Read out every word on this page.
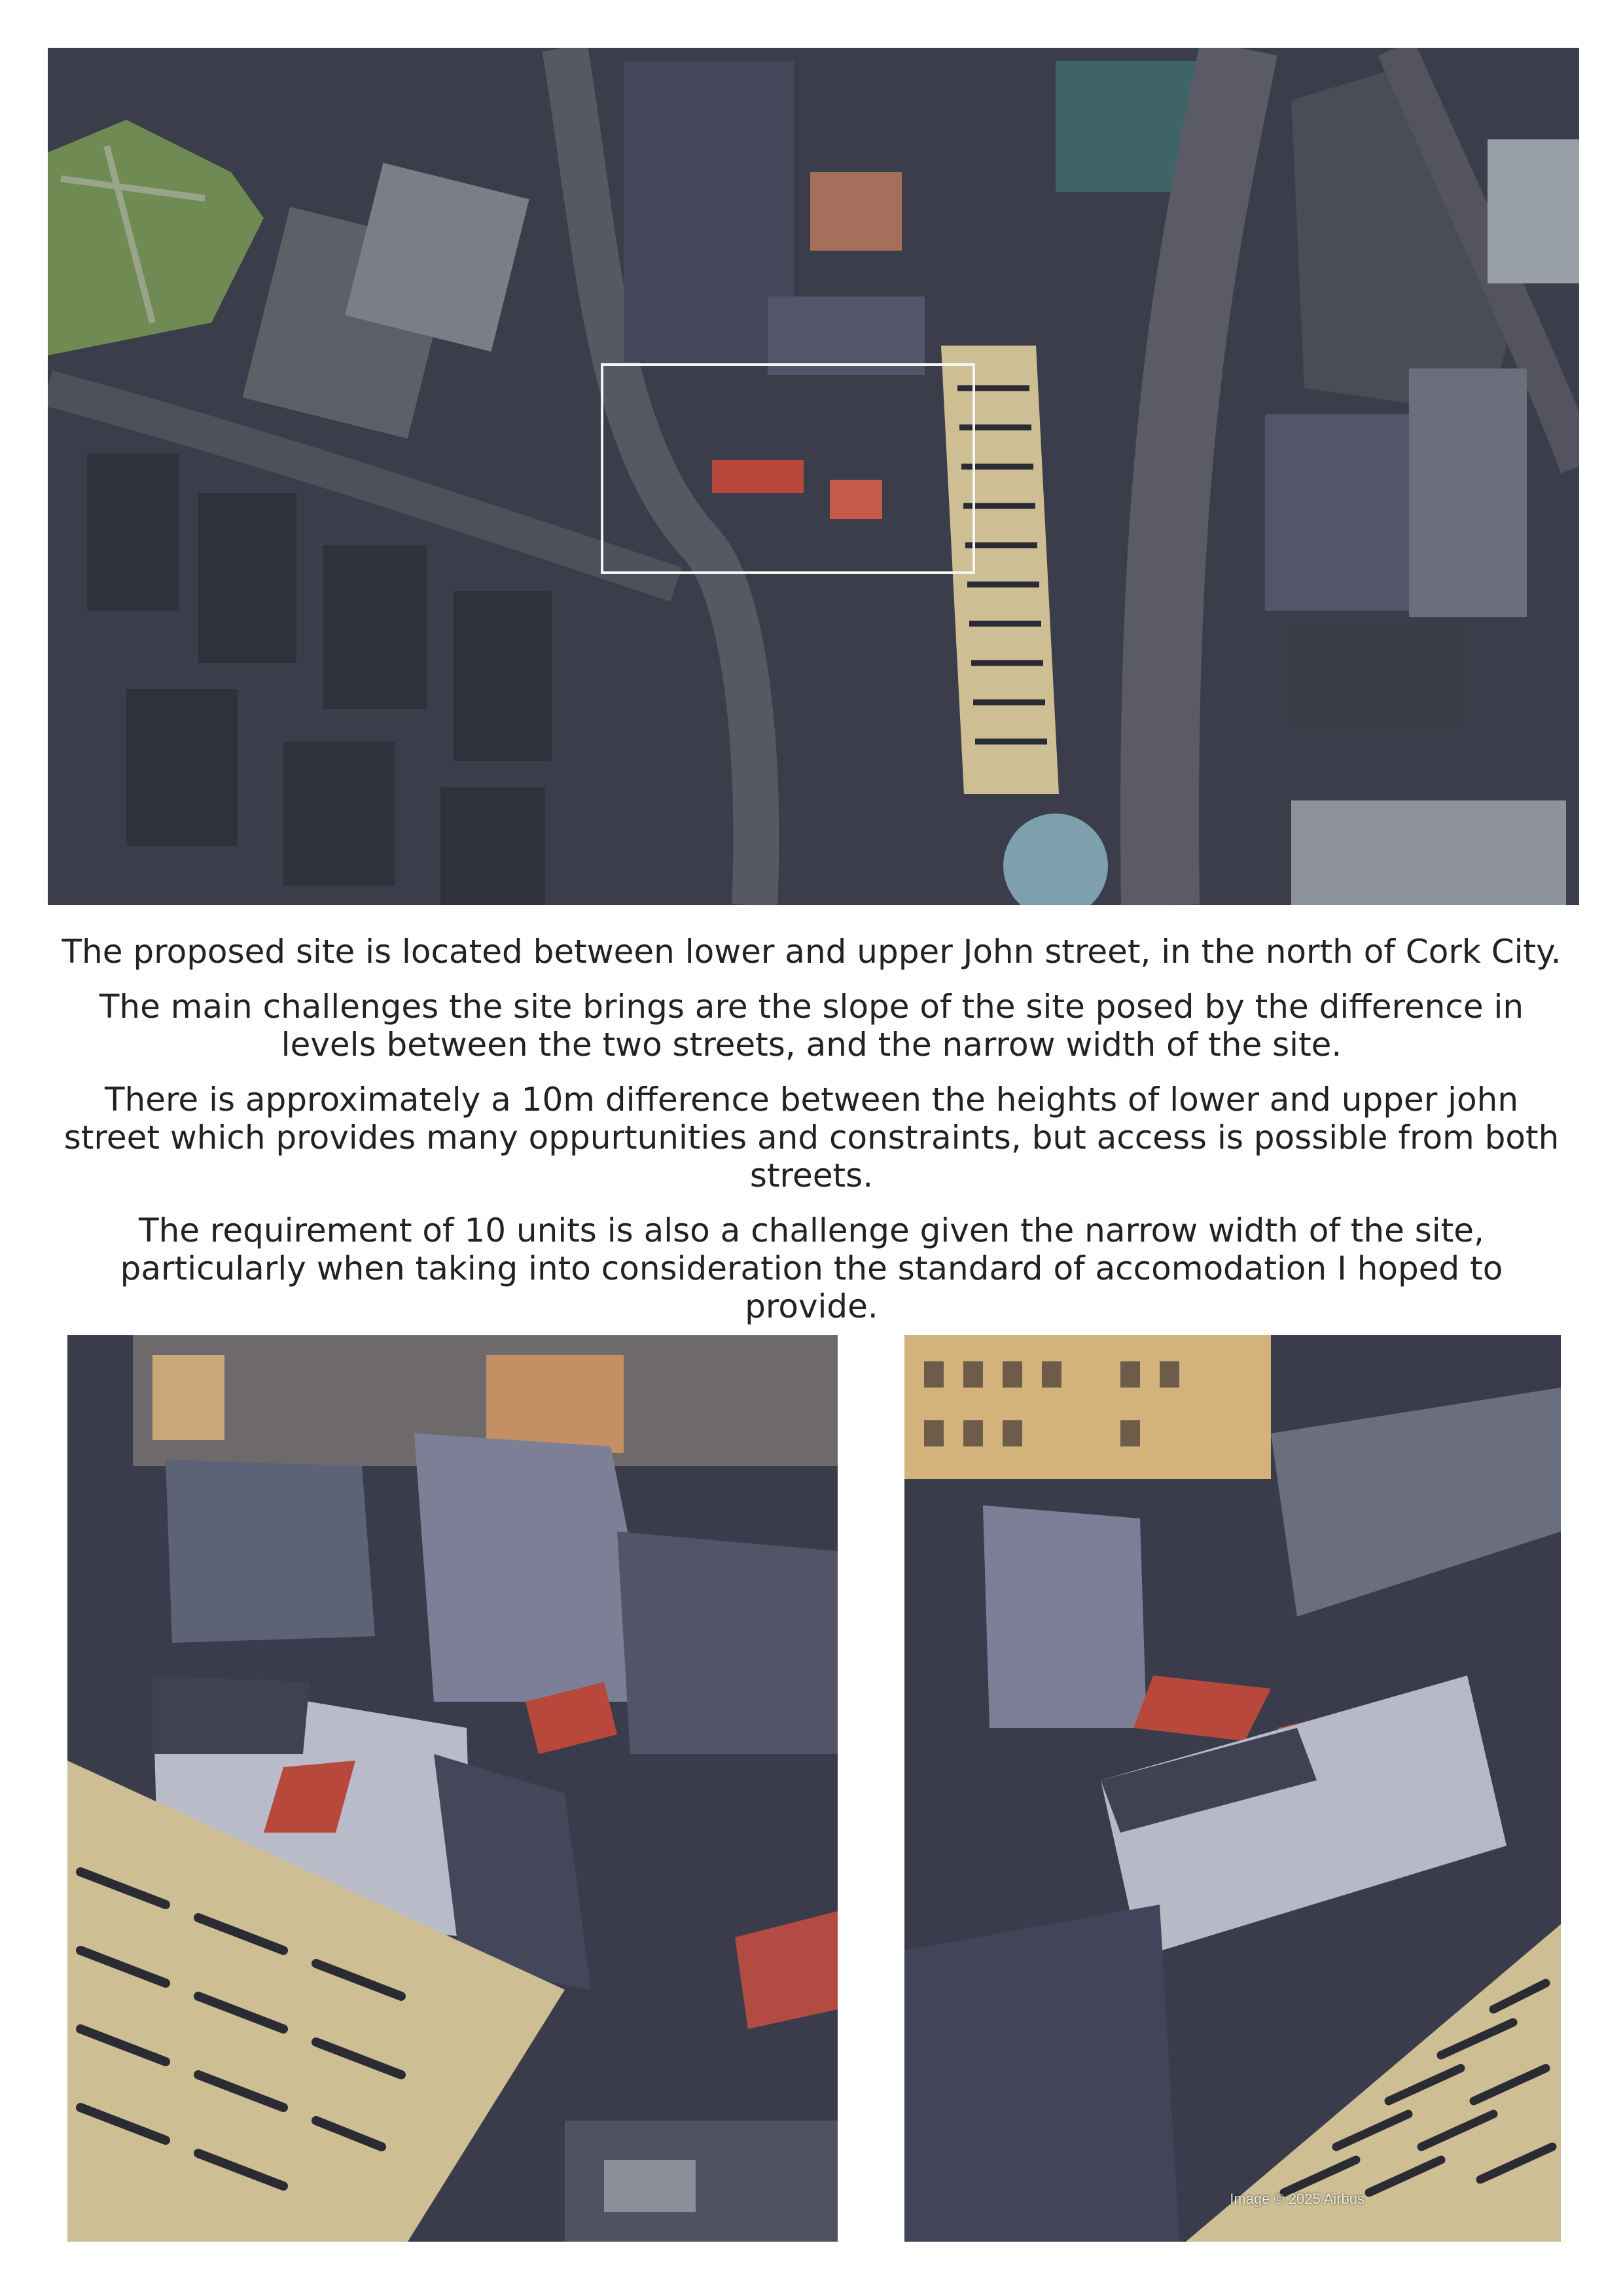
The proposed site is located between lower and upper John street, in the north of Cork City.

The main challenges the site brings are the slope of the site posed by the difference in levels between the two streets, and the narrow width of the site.

There is approximately a 10m difference between the heights of lower and upper john street which provides many oppurtunities and constraints, but access is possible from both streets.

The requirement of 10 units is also a challenge given the narrow width of the site, particularly when taking into consideration the standard of accomodation I hoped to provide.

Image © 2025 Airbus
